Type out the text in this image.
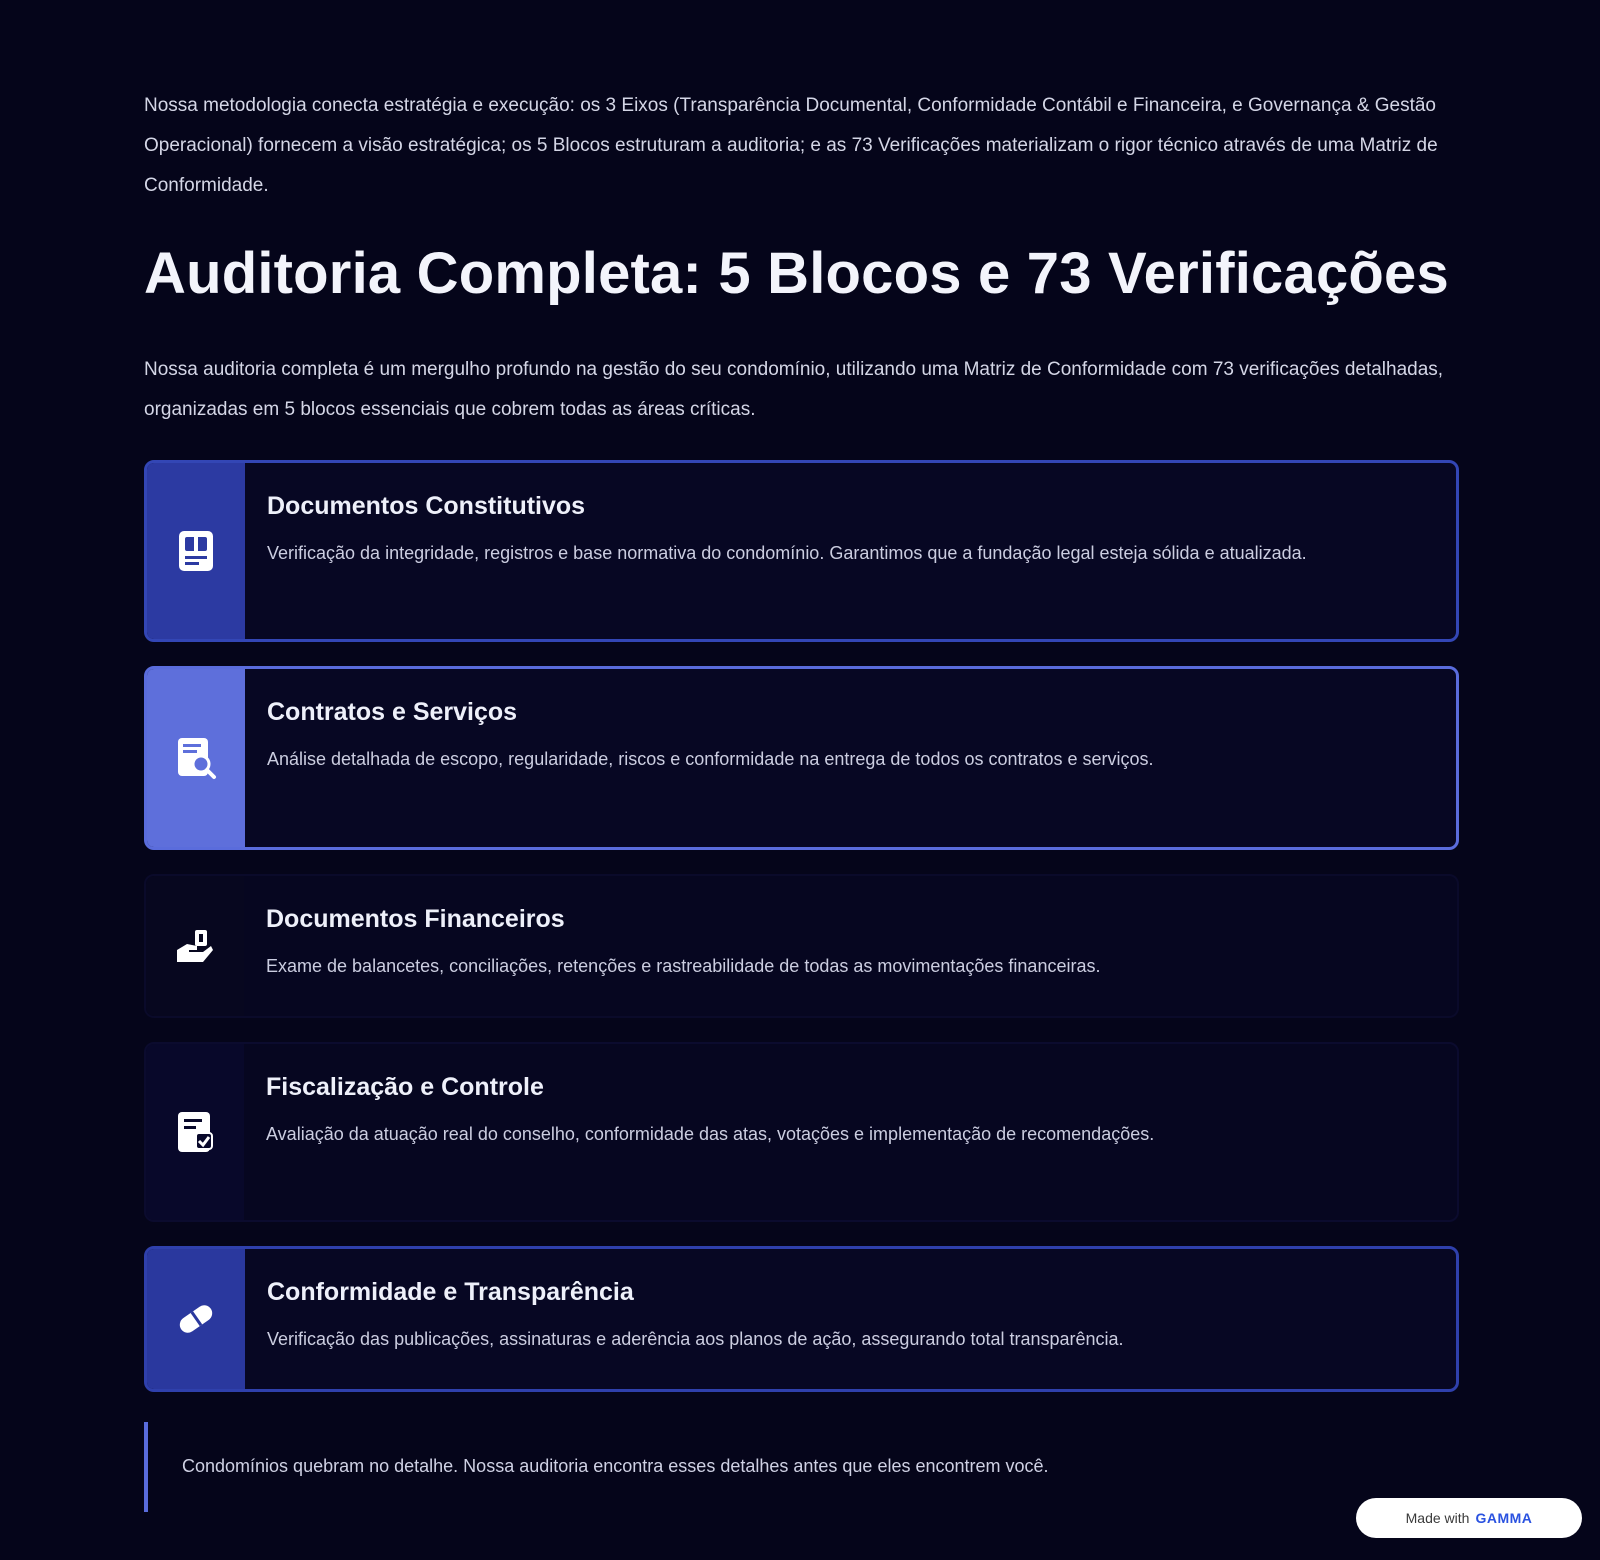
Nossa metodologia conecta estratégia e execução: os 3 Eixos (Transparência Documental, Conformidade Contábil e Financeira, e Governança & Gestão Operacional) fornecem a visão estratégica; os 5 Blocos estruturam a auditoria; e as 73 Verificações materializam o rigor técnico através de uma Matriz de Conformidade.

Auditoria Completa: 5 Blocos e 73 Verificações

Nossa auditoria completa é um mergulho profundo na gestão do seu condomínio, utilizando uma Matriz de Conformidade com 73 verificações detalhadas, organizadas em 5 blocos essenciais que cobrem todas as áreas críticas.

Documentos Constitutivos

Verificação da integridade, registros e base normativa do condomínio. Garantimos que a fundação legal esteja sólida e atualizada.

Contratos e Serviços

Análise detalhada de escopo, regularidade, riscos e conformidade na entrega de todos os contratos e serviços.

Documentos Financeiros

Exame de balancetes, conciliações, retenções e rastreabilidade de todas as movimentações financeiras.

Fiscalização e Controle

Avaliação da atuação real do conselho, conformidade das atas, votações e implementação de recomendações.

Conformidade e Transparência

Verificação das publicações, assinaturas e aderência aos planos de ação, assegurando total transparência.

Condomínios quebram no detalhe. Nossa auditoria encontra esses detalhes antes que eles encontrem você.
Made with GAMMA
